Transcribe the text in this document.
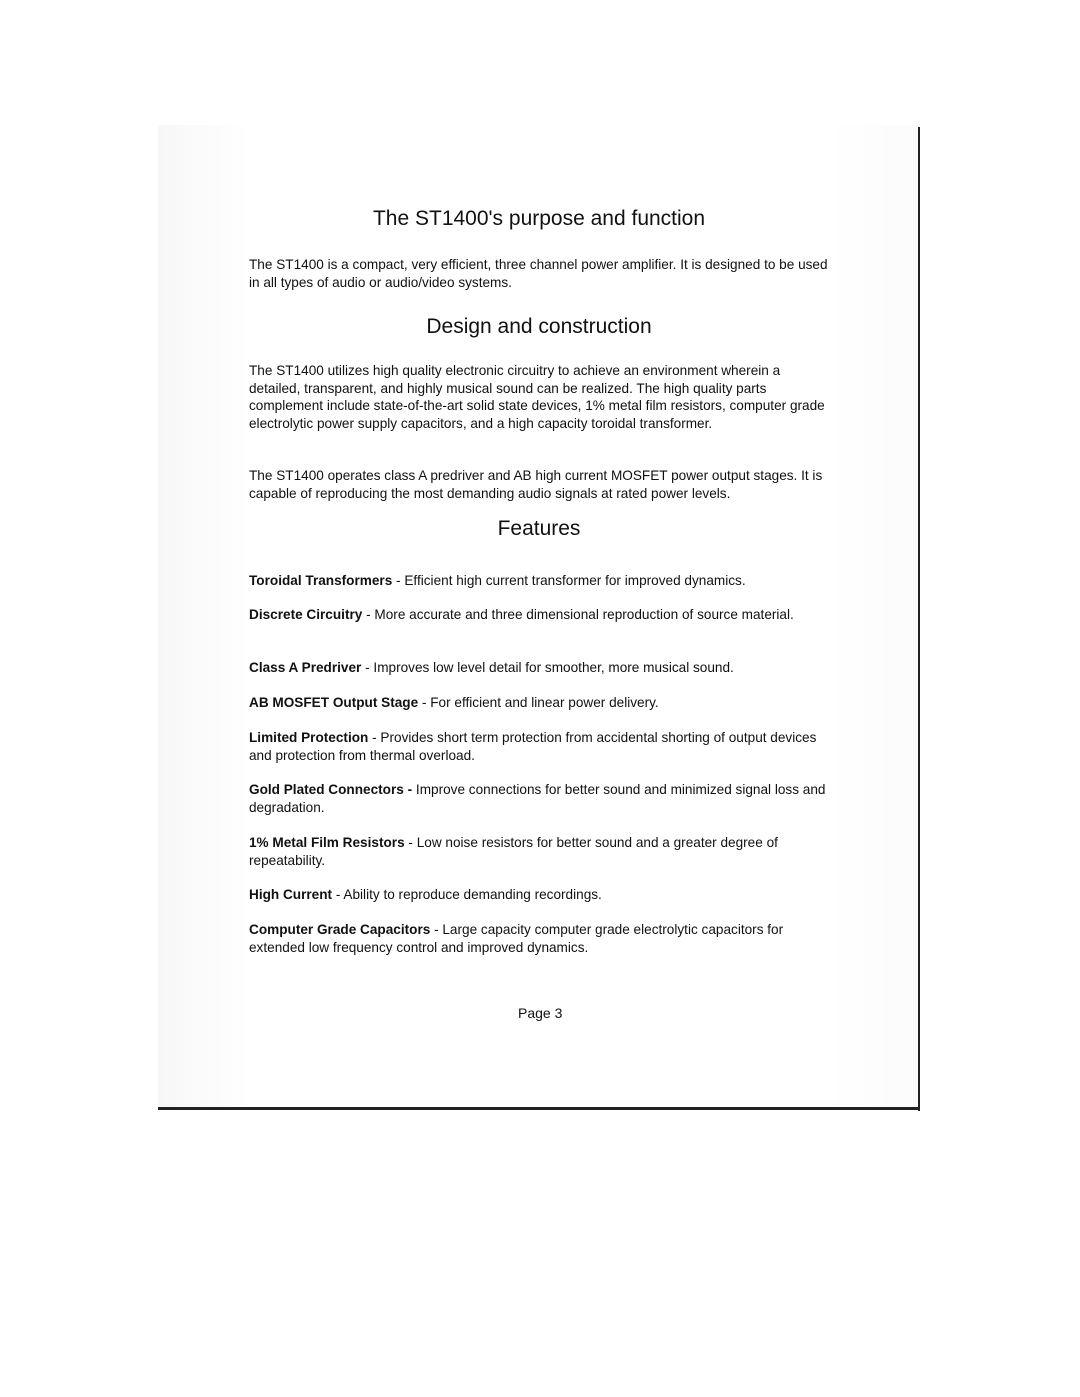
The ST1400's purpose and function

The ST1400 is a compact, very efficient, three channel power amplifier. It is designed to be used in all types of audio or audio/video systems.

Design and construction

The ST1400 utilizes high quality electronic circuitry to achieve an environment wherein a detailed, transparent, and highly musical sound can be realized. The high quality parts complement include state-of-the-art solid state devices, 1% metal film resistors, computer grade electrolytic power supply capacitors, and a high capacity toroidal transformer.

The ST1400 operates class A predriver and AB high current MOSFET power output stages. It is capable of reproducing the most demanding audio signals at rated power levels.

Features

Toroidal Transformers - Efficient high current transformer for improved dynamics.

Discrete Circuitry - More accurate and three dimensional reproduction of source material.

Class A Predriver - Improves low level detail for smoother, more musical sound.

AB MOSFET Output Stage - For efficient and linear power delivery.

Limited Protection - Provides short term protection from accidental shorting of output devices and protection from thermal overload.

Gold Plated Connectors - Improve connections for better sound and minimized signal loss and degradation.

1% Metal Film Resistors - Low noise resistors for better sound and a greater degree of repeatability.

High Current - Ability to reproduce demanding recordings.

Computer Grade Capacitors - Large capacity computer grade electrolytic capacitors for extended low frequency control and improved dynamics.

Page 3
